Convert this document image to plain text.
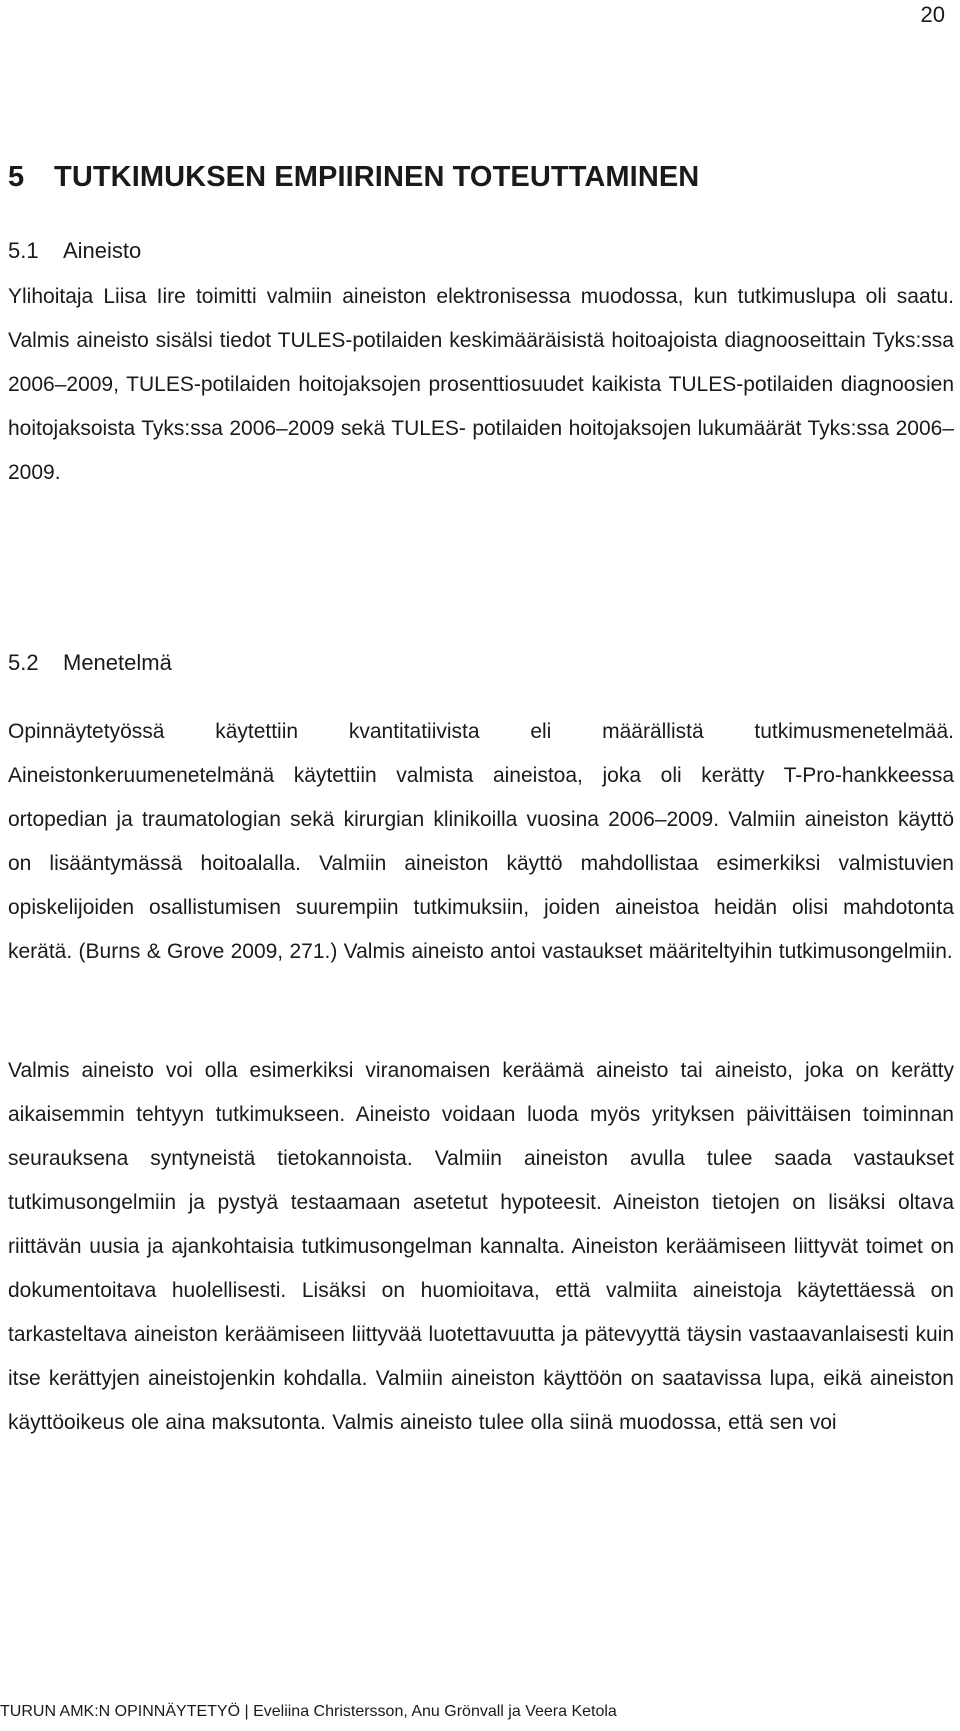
20
5 TUTKIMUKSEN EMPIIRINEN TOTEUTTAMINEN
5.1 Aineisto

Ylihoitaja Liisa Iire toimitti valmiin aineiston elektronisessa muodossa, kun tutkimuslupa oli saatu. Valmis aineisto sisälsi tiedot TULES-potilaiden keskimääräisistä hoitoajoista diagnooseittain Tyks:ssa 2006–2009, TULES-potilaiden hoitojaksojen prosenttiosuudet kaikista TULES-potilaiden diagnoosien hoitojaksoista Tyks:ssa 2006–2009 sekä TULES- potilaiden hoitojaksojen lukumäärät Tyks:ssa 2006–2009.

5.2 Menetelmä

Opinnäytetyössä käytettiin kvantitatiivista eli määrällistä tutkimusmenetelmää. Aineistonkeruumenetelmänä käytettiin valmista aineistoa, joka oli kerätty T-Pro-hankkeessa ortopedian ja traumatologian sekä kirurgian klinikoilla vuosina 2006–2009. Valmiin aineiston käyttö on lisääntymässä hoitoalalla. Valmiin aineiston käyttö mahdollistaa esimerkiksi valmistuvien opiskelijoiden osallistumisen suurempiin tutkimuksiin, joiden aineistoa heidän olisi mahdotonta kerätä. (Burns & Grove 2009, 271.) Valmis aineisto antoi vastaukset määriteltyihin tutkimusongelmiin.

Valmis aineisto voi olla esimerkiksi viranomaisen keräämä aineisto tai aineisto, joka on kerätty aikaisemmin tehtyyn tutkimukseen. Aineisto voidaan luoda myös yrityksen päivittäisen toiminnan seurauksena syntyneistä tietokannoista. Valmiin aineiston avulla tulee saada vastaukset tutkimusongelmiin ja pystyä testaamaan asetetut hypoteesit. Aineiston tietojen on lisäksi oltava riittävän uusia ja ajankohtaisia tutkimusongelman kannalta. Aineiston keräämiseen liittyvät toimet on dokumentoitava huolellisesti. Lisäksi on huomioitava, että valmiita aineistoja käytettäessä on tarkasteltava aineiston keräämiseen liittyvää luotettavuutta ja pätevyyttä täysin vastaavanlaisesti kuin itse kerättyjen aineistojenkin kohdalla. Valmiin aineiston käyttöön on saatavissa lupa, eikä aineiston käyttöoikeus ole aina maksutonta. Valmis aineisto tulee olla siinä muodossa, että sen voi

TURUN AMK:N OPINNÄYTETYÖ | Eveliina Christersson, Anu Grönvall ja Veera Ketola
